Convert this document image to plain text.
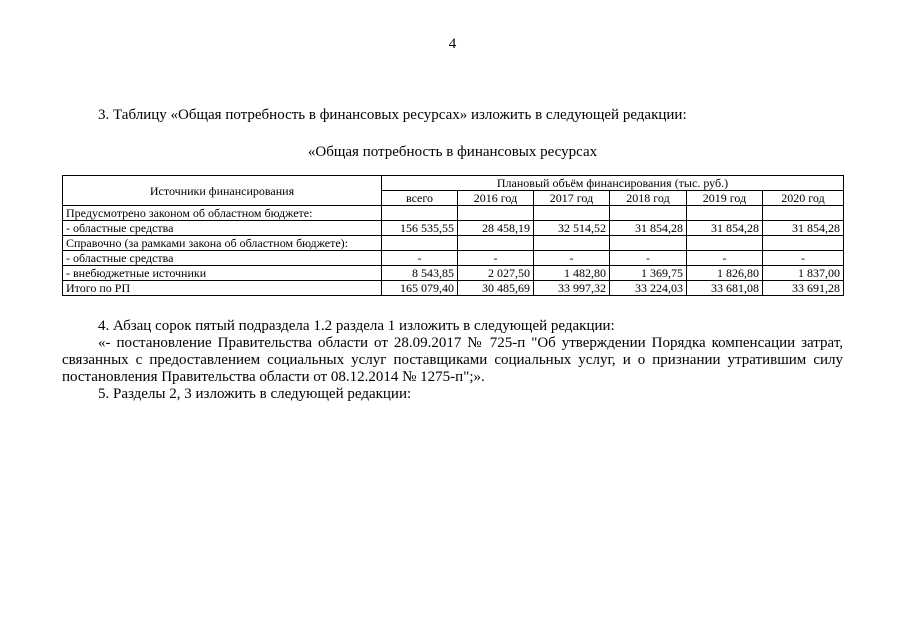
4
3. Таблицу «Общая потребность в финансовых ресурсах» изложить в следующей редакции:
«Общая потребность в финансовых ресурсах
Источники финансирования	Плановый объём финансирования (тыс. руб.)					
	всего	2016 год	2017 год	2018 год	2019 год	2020 год
Предусмотрено законом об областном бюджете:						
- областные средства	156 535,55	28 458,19	32 514,52	31 854,28	31 854,28	31 854,28
Справочно (за рамками закона об областном бюджете):						
- областные средства	-	-	-	-	-	-
- внебюджетные источники	8 543,85	2 027,50	1 482,80	1 369,75	1 826,80	1 837,00
Итого по РП	165 079,40	30 485,69	33 997,32	33 224,03	33 681,08	33 691,28
4. Абзац сорок пятый подраздела 1.2 раздела 1 изложить в следующей редакции:
«- постановление Правительства области от 28.09.2017 № 725-п "Об утверждении Порядка компенсации затрат, связанных с предоставлением социальных услуг поставщиками социальных услуг, и о признании утратившим силу постановления Правительства области от 08.12.2014 № 1275-п";».
5. Разделы 2, 3 изложить в следующей редакции:
